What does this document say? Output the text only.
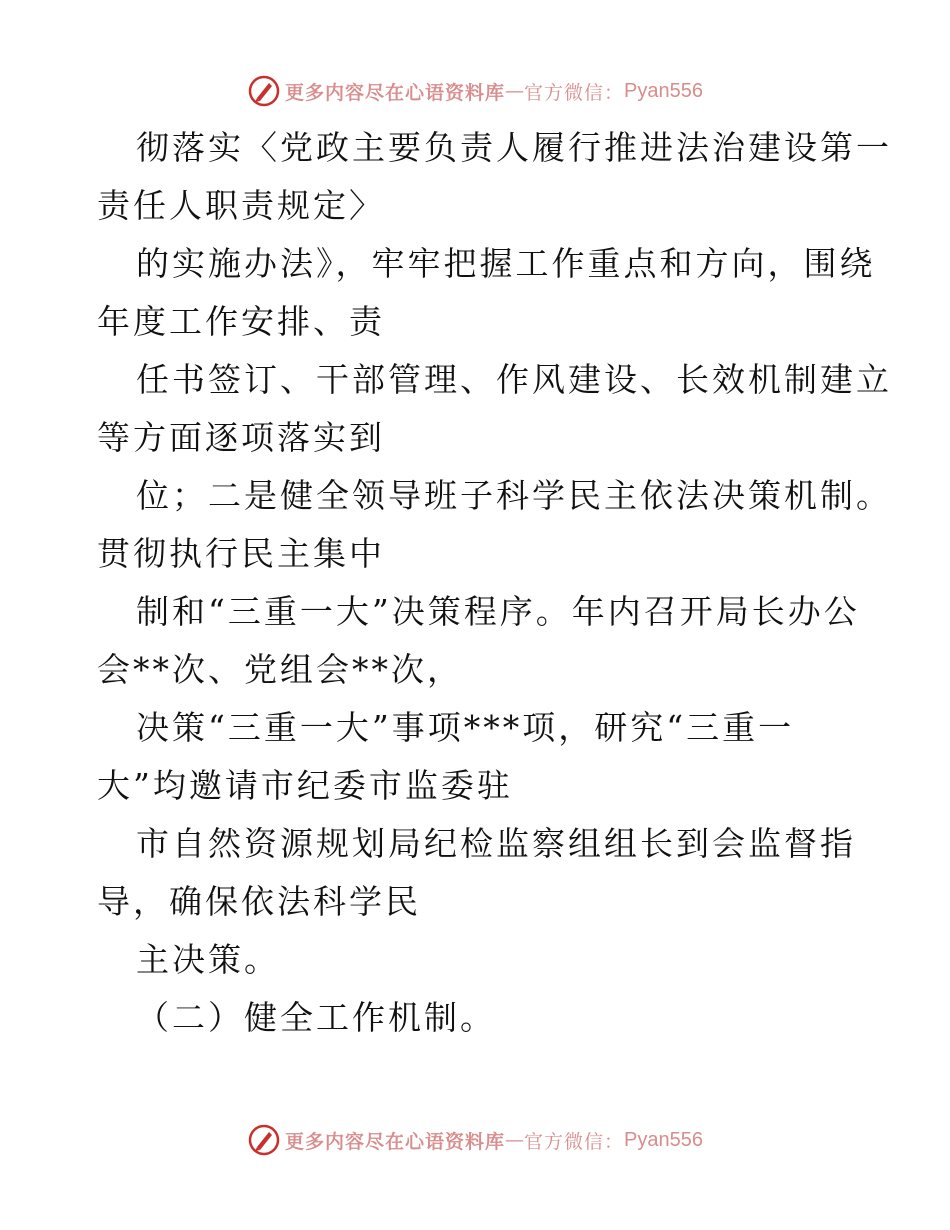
更多内容尽在心语资料库 — 官方微信： Pyan556
彻落实〈党政主要负责人履行推进法治建设第一
责任人职责规定〉
的实施办法》，牢牢把握工作重点和方向，围绕
年度工作安排、责
任书签订、干部管理、作风建设、长效机制建立
等方面逐项落实到
位；二是健全领导班子科学民主依法决策机制。
贯彻执行民主集中
制和“三重一大”决策程序。年内召开局长办公
会**次、党组会**次，
决策“三重一大”事项***项，研究“三重一
大”均邀请市纪委市监委驻
市自然资源规划局纪检监察组组长到会监督指
导，确保依法科学民
主决策。
（二）健全工作机制。
更多内容尽在心语资料库 — 官方微信： Pyan556
